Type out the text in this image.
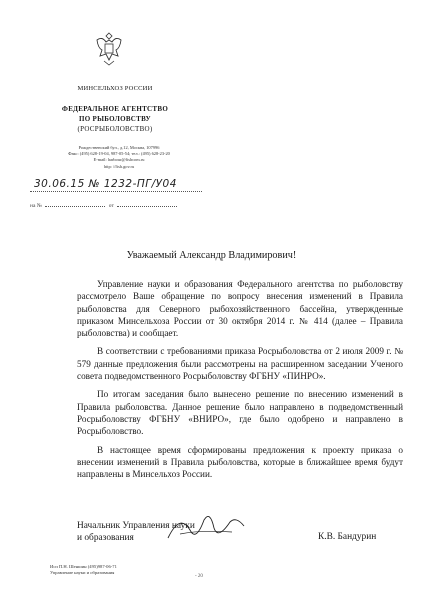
МИНСЕЛЬХОЗ РОССИИ
ФЕДЕРАЛЬНОЕ АГЕНТСТВО
ПО РЫБОЛОВСТВУ
(РОСРЫБОЛОВСТВО)
Рождественский бул., д.12, Москва, 107996
Факс: (495) 628-19-04, 987-05-54; тел.: (495) 628-23-20
E-mail: harbour@fishcom.ru
http: //fish.gov.ru
30.06.15 № 1232-ПГ/У04
на №	от
Уважаемый Александр Владимирович!

Управление науки и образования Федерального агентства по рыболовству рассмотрело Ваше обращение по вопросу внесения изменений в Правила рыболовства для Северного рыбохозяйственного бассейна, утвержденные приказом Минсельхоза России от 30 октября 2014 г. № 414 (далее – Правила рыболовства) и сообщает.

В соответствии с требованиями приказа Росрыболовства от 2 июля 2009 г. № 579 данные предложения были рассмотрены на расширенном заседании Ученого совета подведомственного Росрыболовству ФГБНУ «ПИНРО».

По итогам заседания было вынесено решение по внесению изменений в Правила рыболовства. Данное решение было направлено в подведомственный Росрыболовству ФГБНУ «ВНИРО», где было одобрено и направлено в Росрыболовство.

В настоящее время сформированы предложения к проекту приказа о внесении изменений в Правила рыболовства, которые в ближайшее время будут направлены в Минсельхоз России.

Начальник Управления науки
и образования	К.В. Бандурин
Исп П.Н. Шеншин (495)987-06-71
Управление науки и образования
- 20
